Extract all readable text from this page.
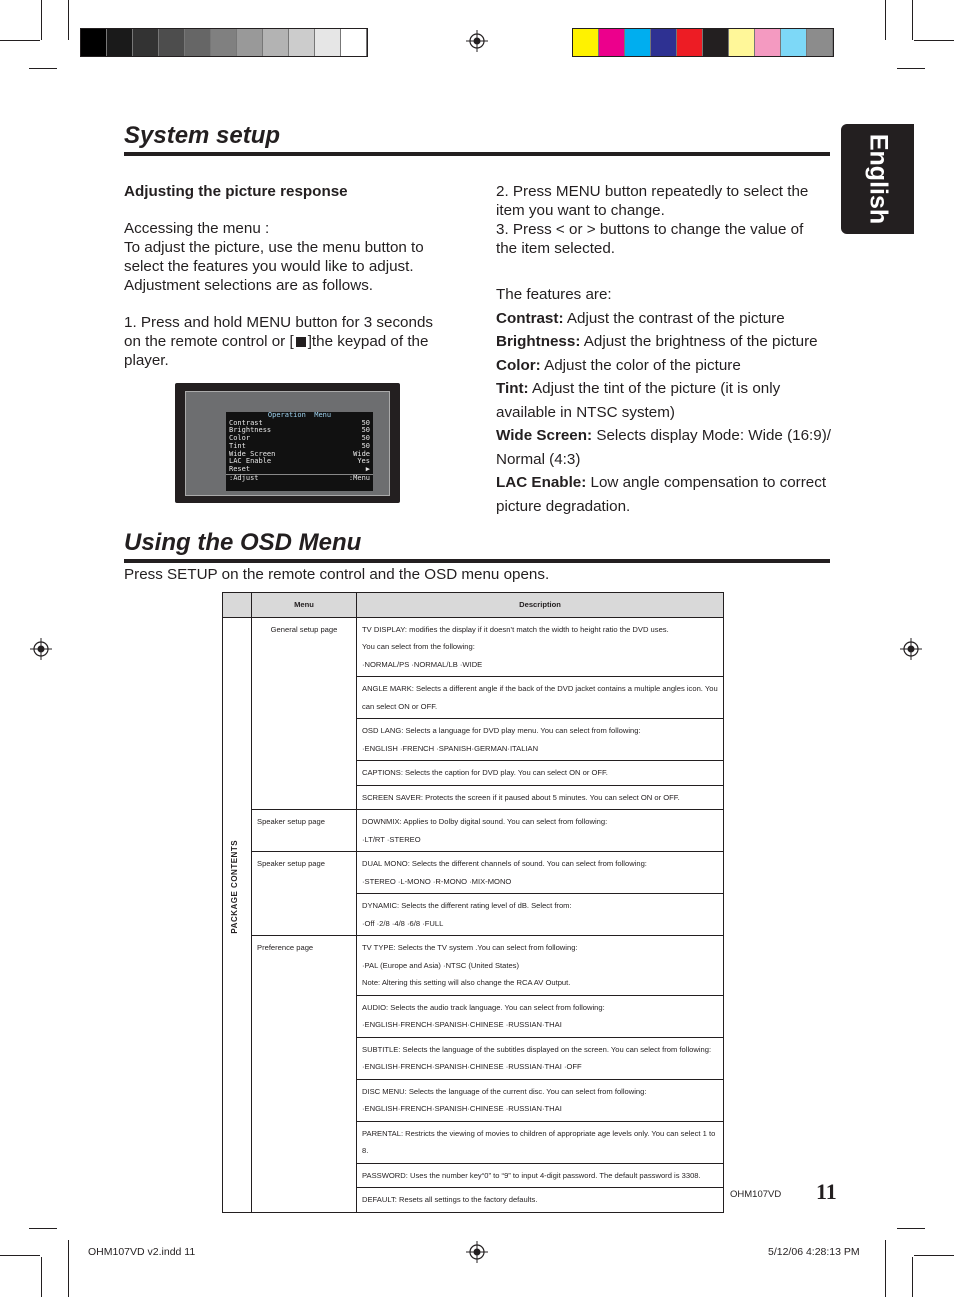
English
System setup
Adjusting the picture response
Accessing the menu :
To adjust the picture, use the menu button to select the features you would like to adjust. Adjustment selections are as follows.
1. Press and hold MENU button for 3 seconds on the remote control or [ ]the keypad of the player.
2. Press MENU button repeatedly to select the item you want to change.
3. Press < or > buttons to change the value of the item selected.
The features are:
Contrast: Adjust the contrast of the picture
Brightness: Adjust the brightness of the picture
Color: Adjust the color of the picture
Tint: Adjust the tint of the picture (it is only available in NTSC system)
Wide Screen: Selects display Mode: Wide (16:9)/ Normal (4:3)
LAC Enable: Low angle compensation to correct picture degradation.
Operation  Menu
Contrast	50
Brightness	50
Color	50
Tint	50
Wide Screen	Wide
LAC Enable	Yes
Reset	▶
:Adjust	:Menu
Using the OSD Menu
Press SETUP on the remote control and the OSD menu opens.
	Menu	Description

PACKAGE CONTENTS	General setup page	TV DISPLAY: modifies the display if it doesn’t match the width to height ratio the DVD uses.
You can select from the following:
·NORMAL/PS ·NORMAL/LB ·WIDE

		ANGLE MARK: Selects a different angle if the back of the DVD jacket contains a multiple angles icon. You can select ON or OFF.

		OSD LANG: Selects a language for DVD play menu. You can select from following:
·ENGLISH ·FRENCH ·SPANISH·GERMAN·ITALIAN

		CAPTIONS: Selects the caption for DVD play. You can select ON or OFF.

		SCREEN SAVER: Protects the screen if it paused about 5 minutes. You can select ON or OFF.

	Speaker setup page	DOWNMIX: Applies to Dolby digital sound. You can select from following:
·LT/RT ·STEREO

	Speaker setup page	DUAL MONO: Selects the different channels of sound. You can select from following:
·STEREO ·L-MONO ·R-MONO ·MIX-MONO

		DYNAMIC: Selects the different rating level of dB. Select from:
·Off ·2/8 ·4/8 ·6/8 ·FULL

	Preference page	TV TYPE: Selects the TV system .You can select from following:
·PAL (Europe and Asia) ·NTSC (United States)
Note: Altering this setting will also change the RCA AV Output.

		AUDIO: Selects the audio track language. You can select from following:
·ENGLISH·FRENCH·SPANISH·CHINESE ·RUSSIAN·THAI

		SUBTITLE: Selects the language of the subtitles displayed on the screen. You can select from following:
·ENGLISH·FRENCH·SPANISH·CHINESE ·RUSSIAN·THAI ·OFF

		DISC MENU: Selects the language of the current disc. You can select from following:
·ENGLISH·FRENCH·SPANISH·CHINESE ·RUSSIAN·THAI

		PARENTAL: Restricts the viewing of movies to children of appropriate age levels only. You can select 1 to 8.

		PASSWORD: Uses the number key“0” to “9” to input 4-digit password. The default password is 3308.

		DEFAULT: Resets all settings to the factory defaults.	OHM107VD 11
OHM107VD v2.indd 11	5/12/06 4:28:13 PM
